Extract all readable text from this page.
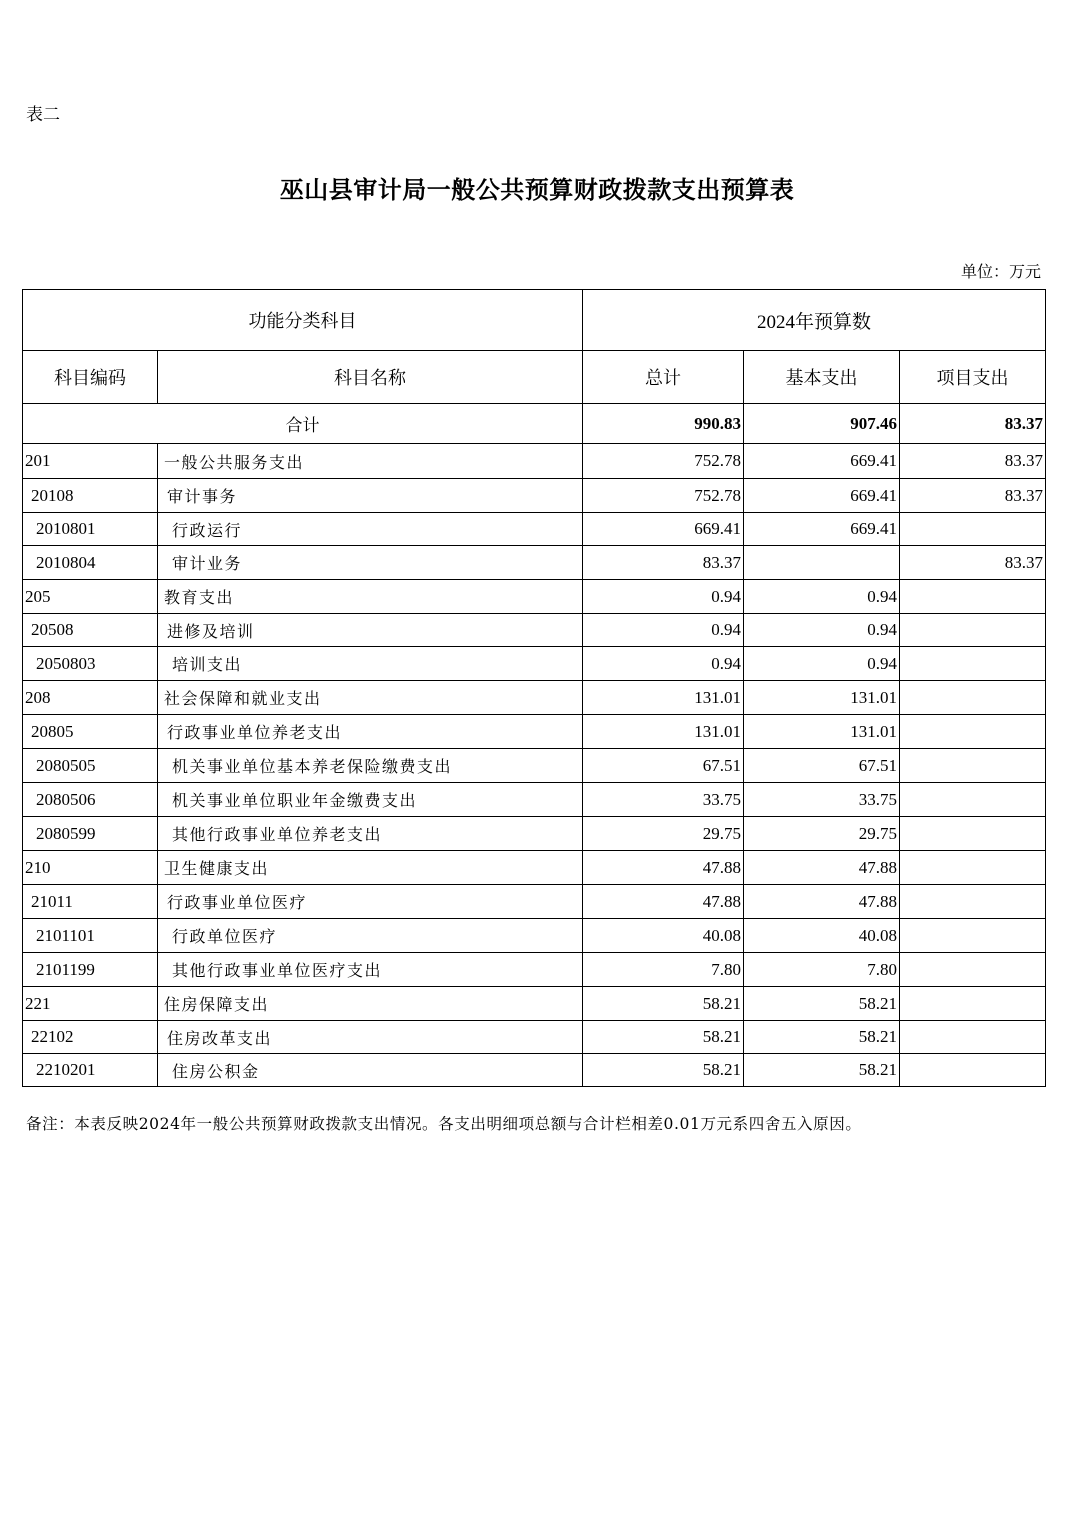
表二
巫山县审计局一般公共预算财政拨款支出预算表
单位：万元
功能分类科目		2024年预算数		
科目编码	科目名称	总计	基本支出	项目支出
合计		990.83	907.46	83.37
201	一般公共服务支出	752.78	669.41	83.37
20108	审计事务	752.78	669.41	83.37
2010801	行政运行	669.41	669.41	
2010804	审计业务	83.37		83.37
205	教育支出	0.94	0.94	
20508	进修及培训	0.94	0.94	
2050803	培训支出	0.94	0.94	
208	社会保障和就业支出	131.01	131.01	
20805	行政事业单位养老支出	131.01	131.01	
2080505	机关事业单位基本养老保险缴费支出	67.51	67.51	
2080506	机关事业单位职业年金缴费支出	33.75	33.75	
2080599	其他行政事业单位养老支出	29.75	29.75	
210	卫生健康支出	47.88	47.88	
21011	行政事业单位医疗	47.88	47.88	
2101101	行政单位医疗	40.08	40.08	
2101199	其他行政事业单位医疗支出	7.80	7.80	
221	住房保障支出	58.21	58.21	
22102	住房改革支出	58.21	58.21	
2210201	住房公积金	58.21	58.21	
备注：本表反映2024年一般公共预算财政拨款支出情况。各支出明细项总额与合计栏相差0.01万元系四舍五入原因。
